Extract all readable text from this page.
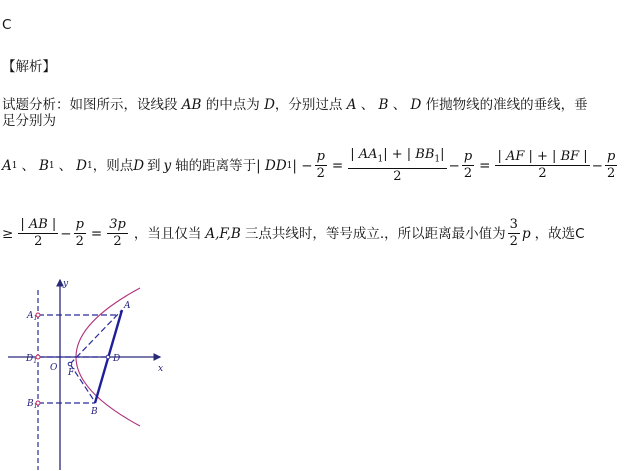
C
【解析】
试题分析：如图所示，设线段 AB 的中点为 D，分别过点 A 、 B 、 D 作抛物线的准线的垂线，垂
足分别为
A 1 、 B 1 、 D 1 ，则点 D 到 y 轴的距离等于 | DD 1 | − $\frac{p}{2} = \frac{| AA_1| + | BB_1|}{2} - \frac{p}{2} = \frac{| AF | + | BF |}{2} - \frac{p}{2}$
≥ $\frac{| AB |}{2} - \frac{p}{2} = \frac{3p}{2}$ ，当且仅当 A,F,B 三点共线时，等号成立.，所以距离最小值为 $\frac{3}{2}$ p ，故选C
y
x
A
B
D
O F
$A_1$
$D_1$
$B_1$
